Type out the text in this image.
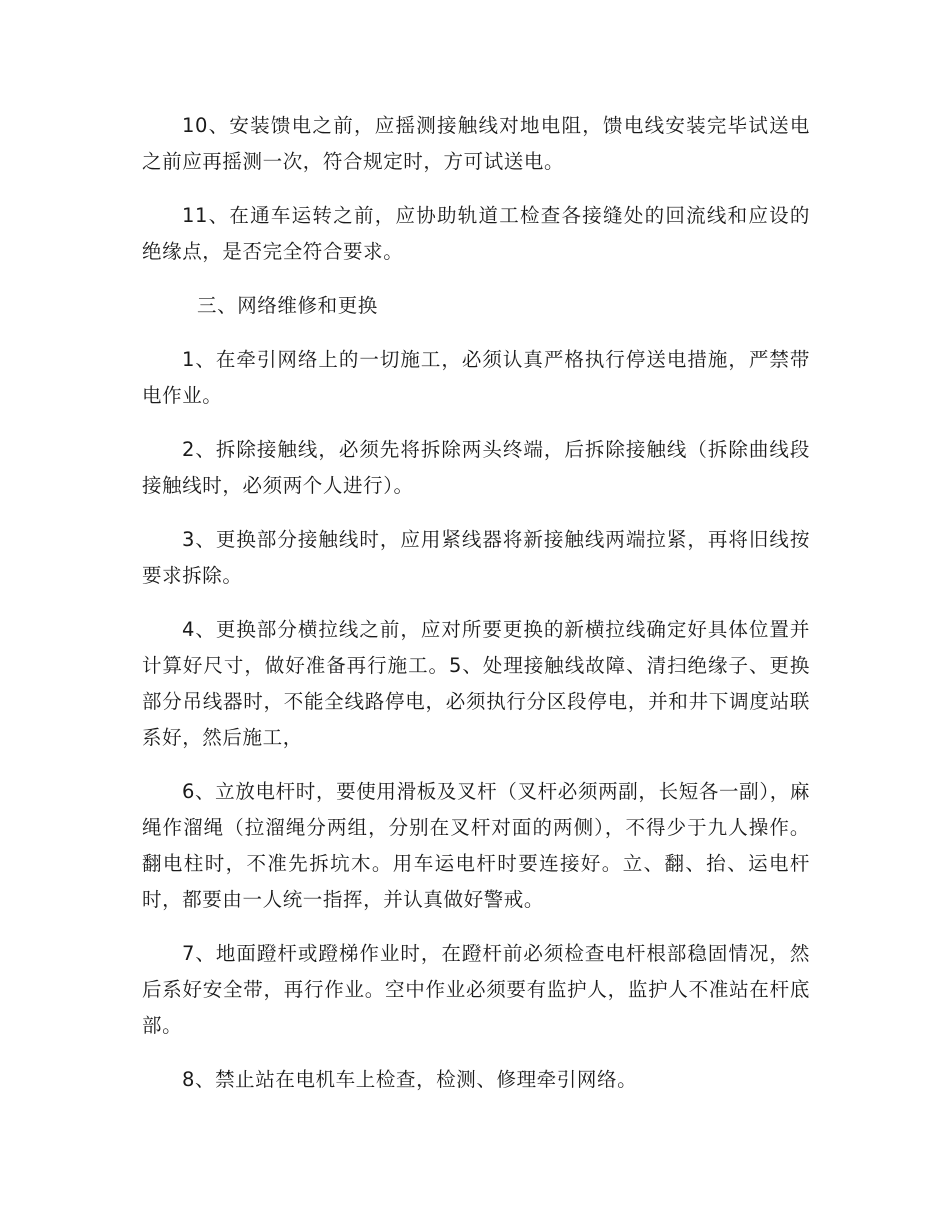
10、安装馈电之前，应摇测接触线对地电阻，馈电线安装完毕试送电之前应再摇测一次，符合规定时，方可试送电。

11、在通车运转之前，应协助轨道工检查各接缝处的回流线和应设的绝缘点，是否完全符合要求。

三、网络维修和更换

1、在牵引网络上的一切施工，必须认真严格执行停送电措施，严禁带电作业。

2、拆除接触线，必须先将拆除两头终端，后拆除接触线（拆除曲线段接触线时，必须两个人进行）。

3、更换部分接触线时，应用紧线器将新接触线两端拉紧，再将旧线按要求拆除。

4、更换部分横拉线之前，应对所要更换的新横拉线确定好具体位置并计算好尺寸，做好准备再行施工。5、处理接触线故障、清扫绝缘子、更换部分吊线器时，不能全线路停电，必须执行分区段停电，并和井下调度站联系好，然后施工，

6、立放电杆时，要使用滑板及叉杆（叉杆必须两副，长短各一副），麻绳作溜绳（拉溜绳分两组，分别在叉杆对面的两侧），不得少于九人操作。翻电柱时，不准先拆坑木。用车运电杆时要连接好。立、翻、抬、运电杆时，都要由一人统一指挥，并认真做好警戒。

7、地面蹬杆或蹬梯作业时，在蹬杆前必须检查电杆根部稳固情况，然后系好安全带，再行作业。空中作业必须要有监护人，监护人不准站在杆底部。

8、禁止站在电机车上检查，检测、修理牵引网络。
